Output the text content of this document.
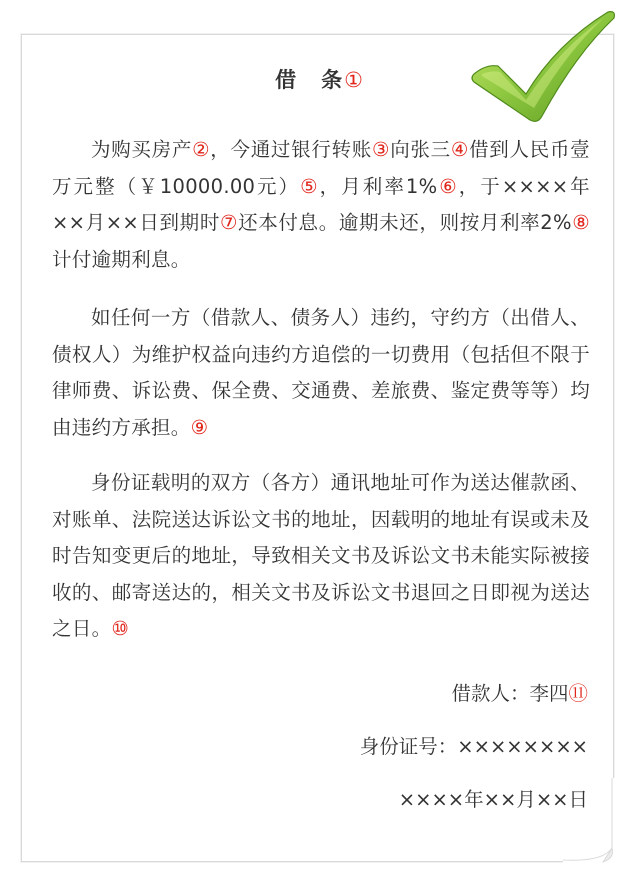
借　条①
为购买房产②，今通过银行转账③向张三④借到人民币壹万元整（￥10000.00元）⑤，月利率1%⑥，于××××年××月××日到期时⑦还本付息。逾期未还，则按月利率2%⑧计付逾期利息。
如任何一方（借款人、债务人）违约，守约方（出借人、债权人）为维护权益向违约方追偿的一切费用（包括但不限于律师费、诉讼费、保全费、交通费、差旅费、鉴定费等等）均由违约方承担。⑨
身份证载明的双方（各方）通讯地址可作为送达催款函、对账单、法院送达诉讼文书的地址，因载明的地址有误或未及时告知变更后的地址，导致相关文书及诉讼文书未能实际被接收的、邮寄送达的，相关文书及诉讼文书退回之日即视为送达之日。⑩
借款人：李四⑪
身份证号：××××××××
××××年××月××日
